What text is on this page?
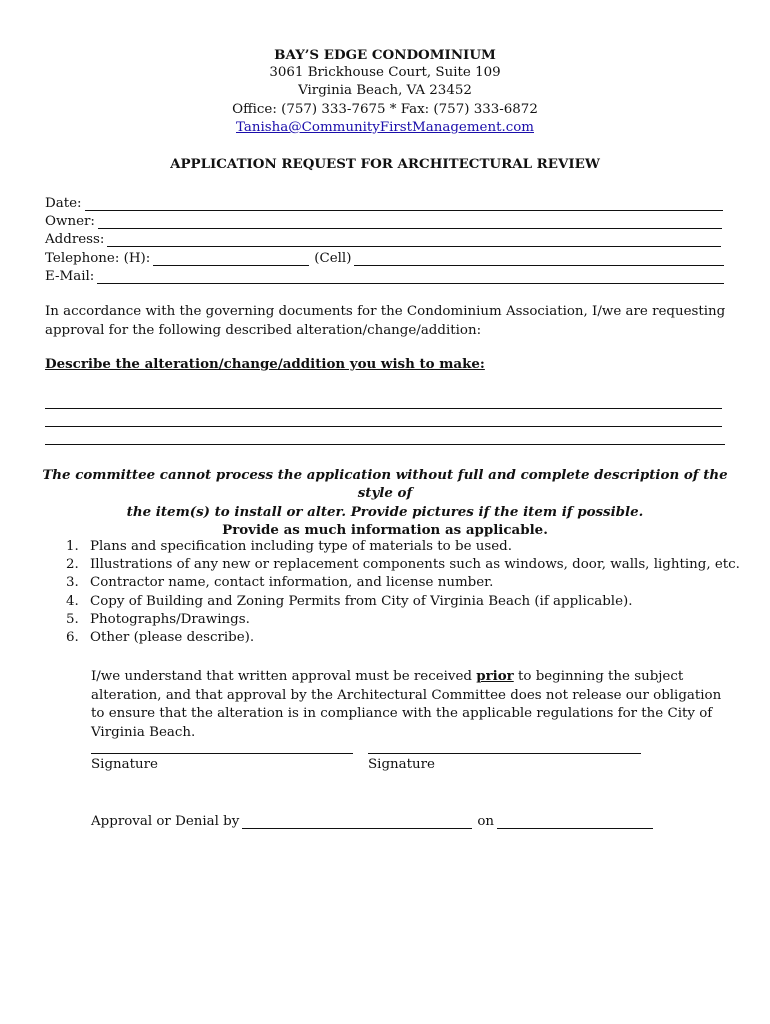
BAY’S EDGE CONDOMINIUM
3061 Brickhouse Court, Suite 109
Virginia Beach, VA 23452
Office: (757) 333-7675 * Fax: (757) 333-6872
Tanisha@CommunityFirstManagement.com
APPLICATION REQUEST FOR ARCHITECTURAL REVIEW
Date:
Owner:
Address:
Telephone: (H):	(Cell)
E-Mail:
In accordance with the governing documents for the Condominium Association, I/we are requesting approval for the following described alteration/change/addition:
Describe the alteration/change/addition you wish to make:
The committee cannot process the application without full and complete description of the style of
the item(s) to install or alter. Provide pictures if the item if possible.
Provide as much information as applicable.
1. Plans and specification including type of materials to be used.
2. Illustrations of any new or replacement components such as windows, door, walls, lighting, etc.
3. Contractor name, contact information, and license number.
4. Copy of Building and Zoning Permits from City of Virginia Beach (if applicable).
5. Photographs/Drawings.
6. Other (please describe).
I/we understand that written approval must be received prior to beginning the subject alteration, and that approval by the Architectural Committee does not release our obligation to ensure that the alteration is in compliance with the applicable regulations for the City of Virginia Beach.
Signature	Signature
Approval or Denial by	on
